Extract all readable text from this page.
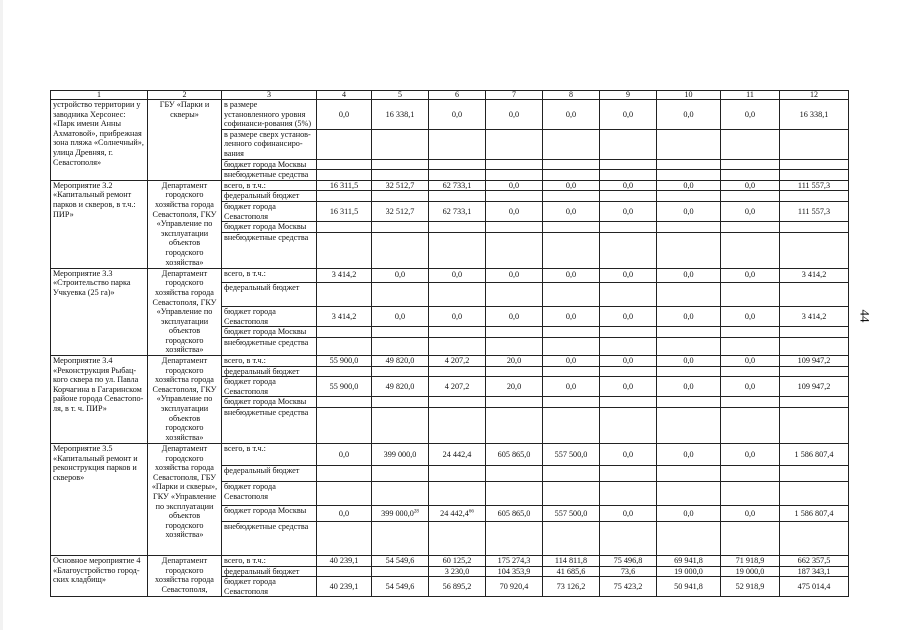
1	2	3	4	5	6	7	8	9	10	11	12
устройство территории у заводника Херсонес: «Парк имени Анны Ахматовой», прибрежная зона пляжа «Солнечный», улица Древняя, г. Севастополя»	ГБУ «Парки и скверы»	в размере установленного уровня софинанси-рования (5%)	0,0	16 338,1	0,0	0,0	0,0	0,0	0,0	0,0	16 338,1
		в размере сверх установ-ленного софинансиро-вания									
		бюджет города Москвы									
		внебюджетные средства									
Мероприятие 3.2 «Капитальный ремонт парков и скверов, в т.ч.: ПИР»	Департамент городского хозяйства города Севастополя, ГКУ «Управление по эксплуатации объектов городского хозяйства»	всего, в т.ч.:	16 311,5	32 512,7	62 733,1	0,0	0,0	0,0	0,0	0,0	111 557,3
		федеральный бюджет									
		бюджет города Севастополя	16 311,5	32 512,7	62 733,1	0,0	0,0	0,0	0,0	0,0	111 557,3
		бюджет города Москвы									
		внебюджетные средства									
Мероприятие 3.3 «Строительство парка Учкуевка (25 га)»	Департамент городского хозяйства города Севастополя, ГКУ «Управление по эксплуатации объектов городского хозяйства»	всего, в т.ч.:	3 414,2	0,0	0,0	0,0	0,0	0,0	0,0	0,0	3 414,2
		федеральный бюджет									
		бюджет города Севастополя	3 414,2	0,0	0,0	0,0	0,0	0,0	0,0	0,0	3 414,2
		бюджет города Москвы									
		внебюджетные средства									
Мероприятие 3.4 «Реконструкция Рыбац-кого сквера по ул. Павла Корчагина в Гагаринском районе города Севастопо-ля, в т. ч. ПИР»	Департамент городского хозяйства города Севастополя, ГКУ «Управление по эксплуатации объектов городского хозяйства»	всего, в т.ч.:	55 900,0	49 820,0	4 207,2	20,0	0,0	0,0	0,0	0,0	109 947,2
		федеральный бюджет									
		бюджет города Севастополя	55 900,0	49 820,0	4 207,2	20,0	0,0	0,0	0,0	0,0	109 947,2
		бюджет города Москвы									
		внебюджетные средства									
Мероприятие 3.5 «Капитальный ремонт и реконструкция парков и скверов»	Департамент городского хозяйства города Севастополя, ГБУ «Парки и скверы», ГКУ «Управление по эксплуатации объектов городского хозяйства»	всего, в т.ч.:	0,0	399 000,0	24 442,4	605 865,0	557 500,0	0,0	0,0	0,0	1 586 807,4
		федеральный бюджет									
		бюджет города Севастополя									
		бюджет города Москвы	0,0	399 000,0$^{28}$	24 442,4$^{66}$	605 865,0	557 500,0	0,0	0,0	0,0	1 586 807,4
		внебюджетные средства									
Основное мероприятие 4 «Благоустройство город-ских кладбищ»	Департамент городского хозяйства города Севастополя,	всего, в т.ч.:	40 239,1	54 549,6	60 125,2	175 274,3	114 811,8	75 496,8	69 941,8	71 918,9	662 357,5
		федеральный бюджет			3 230,0	104 353,9	41 685,6	73,6	19 000,0	19 000,0	187 343,1
		бюджет города Севастополя	40 239,1	54 549,6	56 895,2	70 920,4	73 126,2	75 423,2	50 941,8	52 918,9	475 014,4
44
